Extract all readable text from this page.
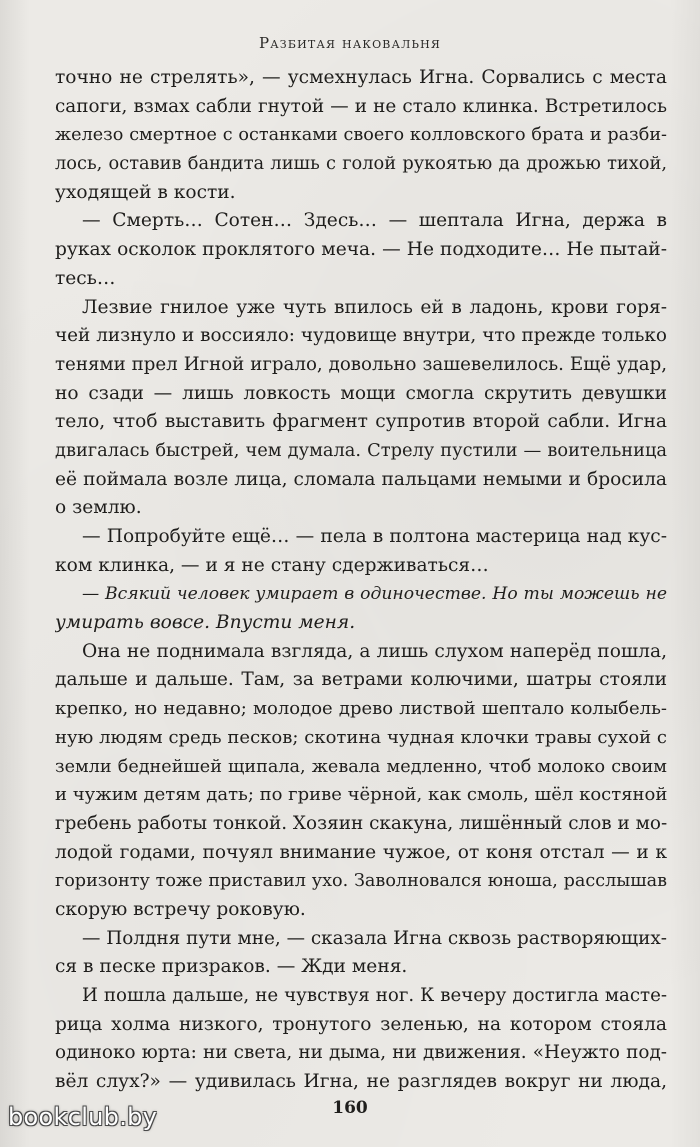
Разбитая наковальня
точно не стрелять», — усмехнулась Игна. Сорвались с места
сапоги, взмах сабли гнутой — и не стало клинка. Встретилось
железо смертное с останками своего колловского брата и разби-
лось, оставив бандита лишь с голой рукоятью да дрожью тихой,
уходящей в кости.
— Смерть… Сотен… Здесь… — шептала Игна, держа в
руках осколок проклятого меча. — Не подходите… Не пытай-
тесь…
Лезвие гнилое уже чуть впилось ей в ладонь, крови горя-
чей лизнуло и воссияло: чудовище внутри, что прежде только
тенями прел Игной играло, довольно зашевелилось. Ещё удар,
но сзади — лишь ловкость мощи смогла скрутить девушки
тело, чтоб выставить фрагмент супротив второй сабли. Игна
двигалась быстрей, чем думала. Стрелу пустили — воительница
её поймала возле лица, сломала пальцами немыми и бросила
о землю.
— Попробуйте ещё… — пела в полтона мастерица над кус-
ком клинка, — и я не стану сдерживаться…
— Всякий человек умирает в одиночестве. Но ты можешь не
умирать вовсе. Впусти меня.
Она не поднимала взгляда, а лишь слухом наперёд пошла,
дальше и дальше. Там, за ветрами колючими, шатры стояли
крепко, но недавно; молодое древо листвой шептало колыбель-
ную людям средь песков; скотина чудная клочки травы сухой с
земли беднейшей щипала, жевала медленно, чтоб молоко своим
и чужим детям дать; по гриве чёрной, как смоль, шёл костяной
гребень работы тонкой. Хозяин скакуна, лишённый слов и мо-
лодой годами, почуял внимание чужое, от коня отстал — и к
горизонту тоже приставил ухо. Заволновался юноша, расслышав
скорую встречу роковую.
— Полдня пути мне, — сказала Игна сквозь растворяющих-
ся в песке призраков. — Жди меня.
И пошла дальше, не чувствуя ног. К вечеру достигла масте-
рица холма низкого, тронутого зеленью, на котором стояла
одиноко юрта: ни света, ни дыма, ни движения. «Неужто под-
вёл слух?» — удивилась Игна, не разглядев вокруг ни люда,
160
bookclub.by
